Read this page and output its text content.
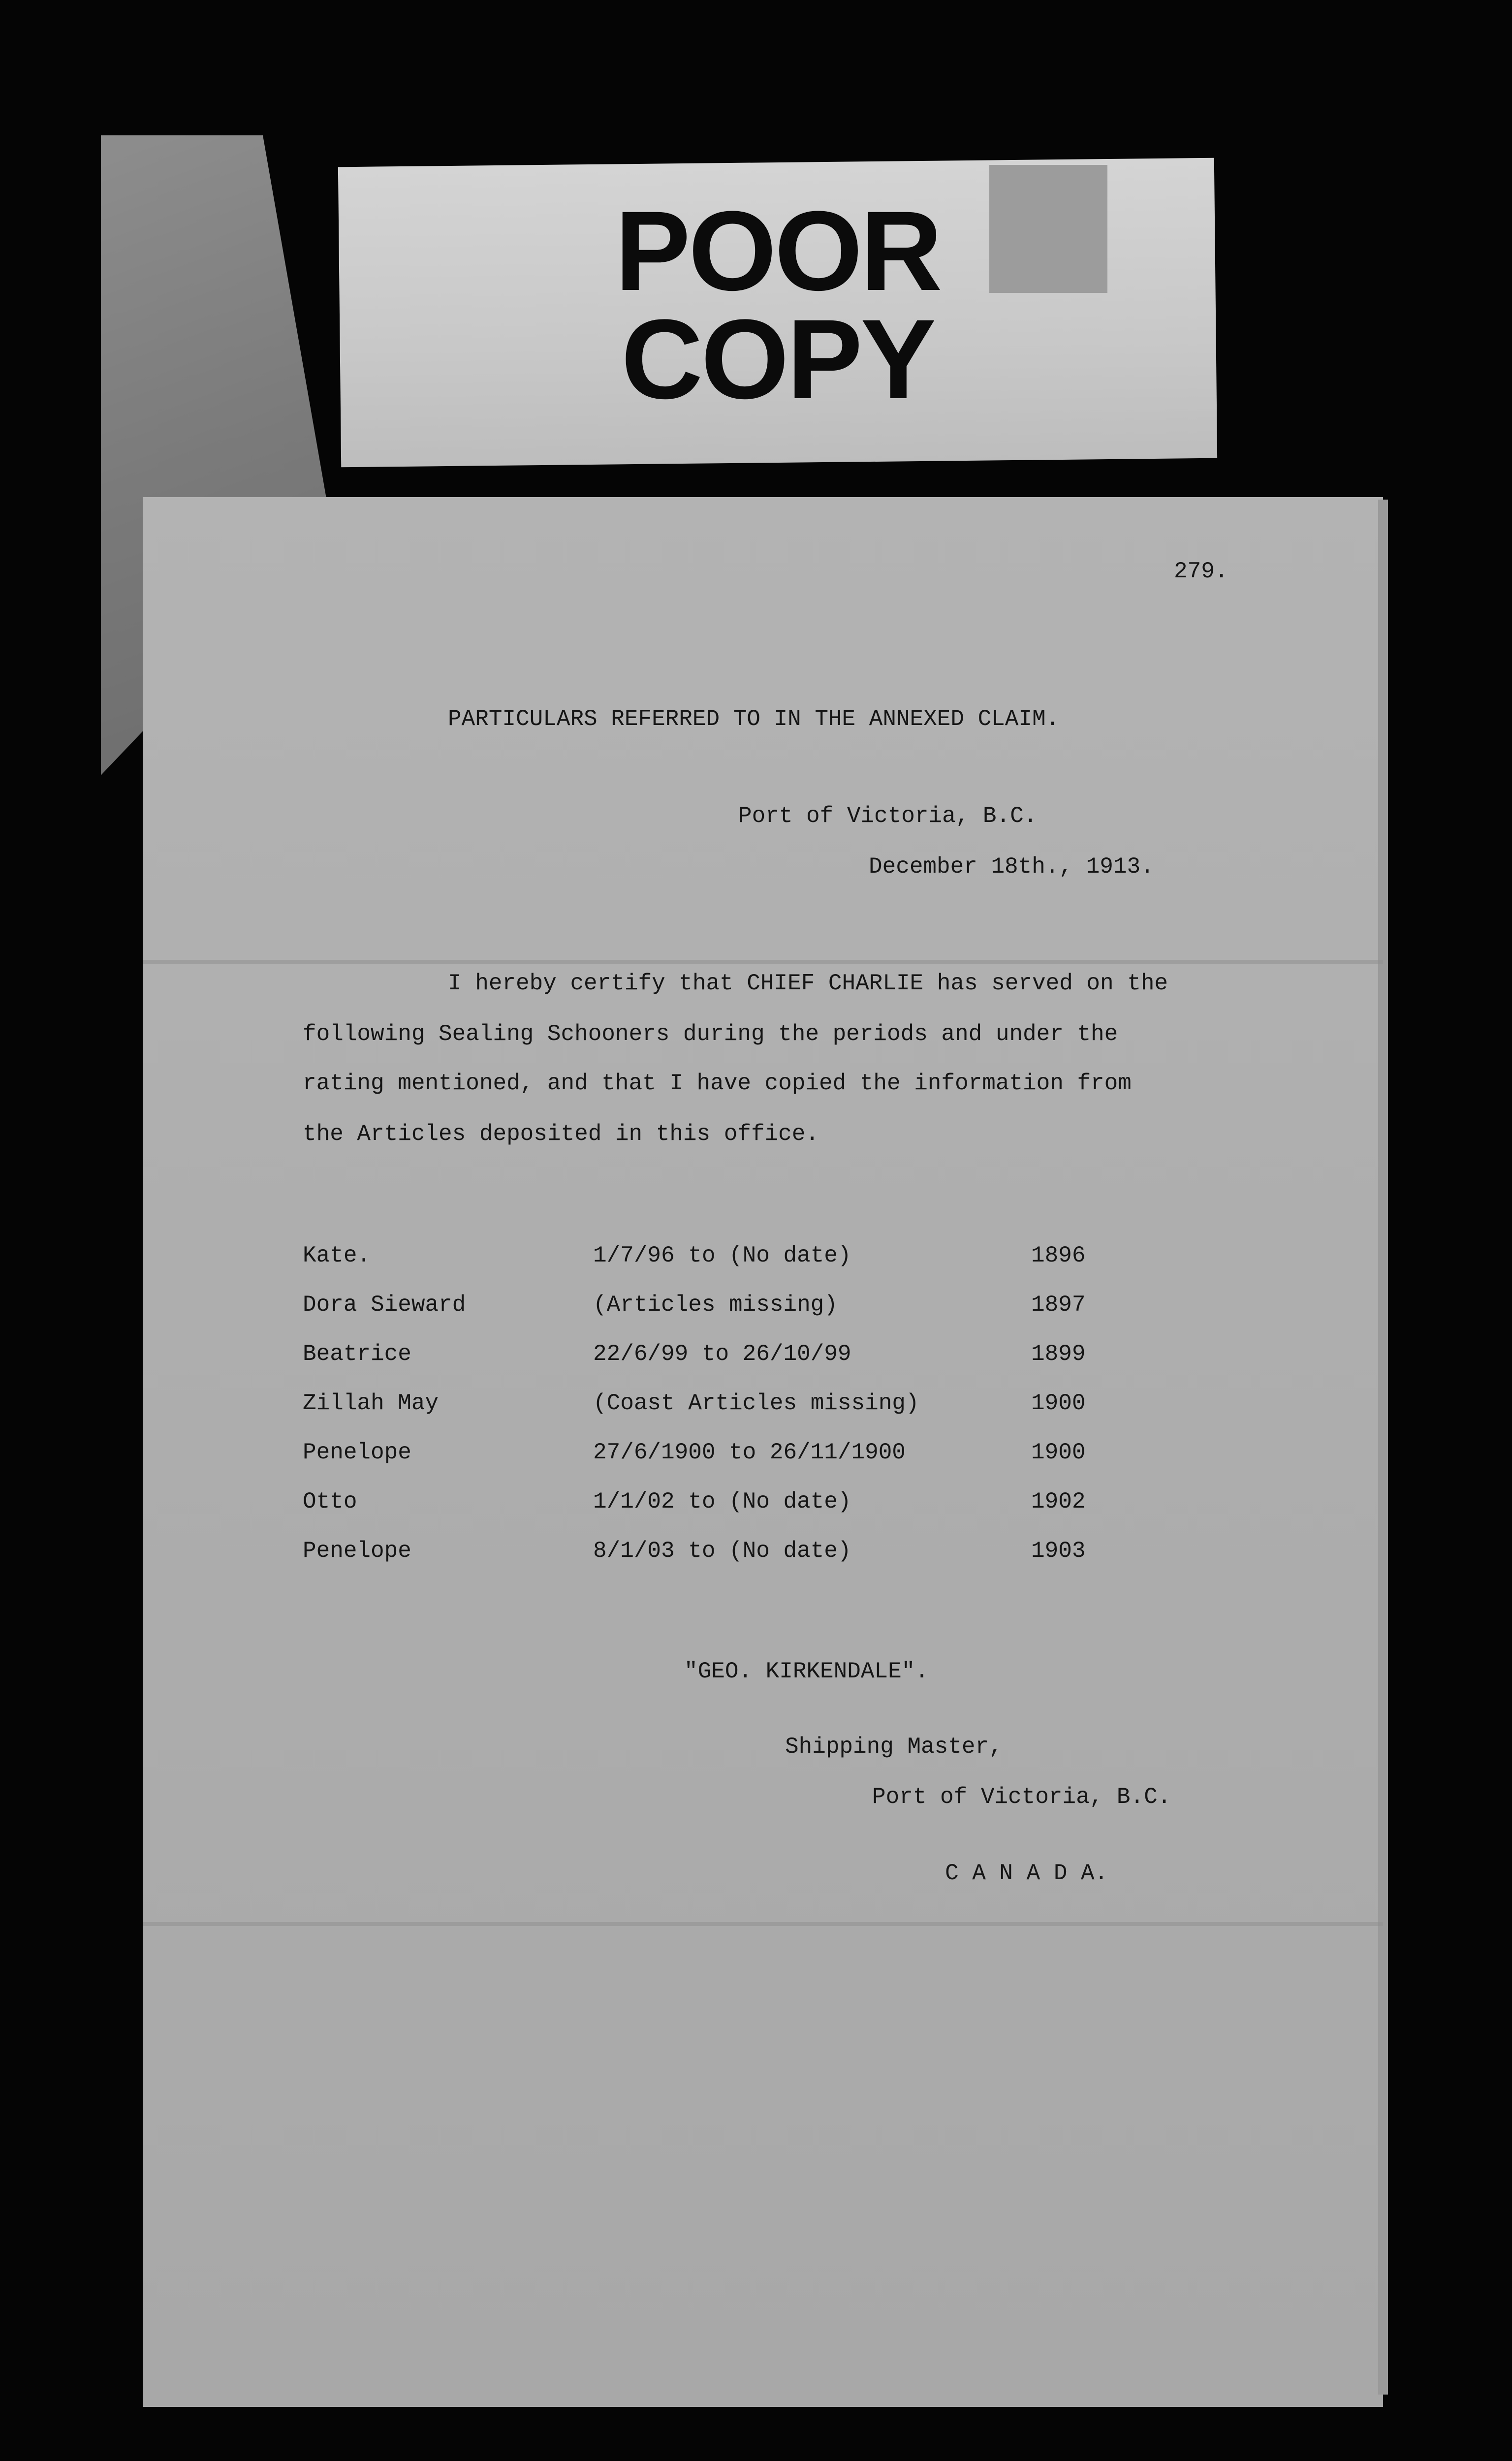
POOR
COPY
279.
PARTICULARS REFERRED TO IN THE ANNEXED CLAIM.
Port of Victoria, B.C.
December 18th., 1913.
I hereby certify that CHIEF CHARLIE has served on the
following Sealing Schooners during the periods and under the
rating mentioned, and that I have copied the information from
the Articles deposited in this office.
Kate.	1/7/96 to (No date)	1896
Dora Sieward	(Articles missing)	1897
Beatrice	22/6/99 to 26/10/99	1899
Zillah May	(Coast Articles missing)	1900
Penelope	27/6/1900 to 26/11/1900	1900
Otto	1/1/02 to (No date)	1902
Penelope	8/1/03 to (No date)	1903
"GEO. KIRKENDALE".
Shipping Master,
Port of Victoria, B.C.
C A N A D A.
